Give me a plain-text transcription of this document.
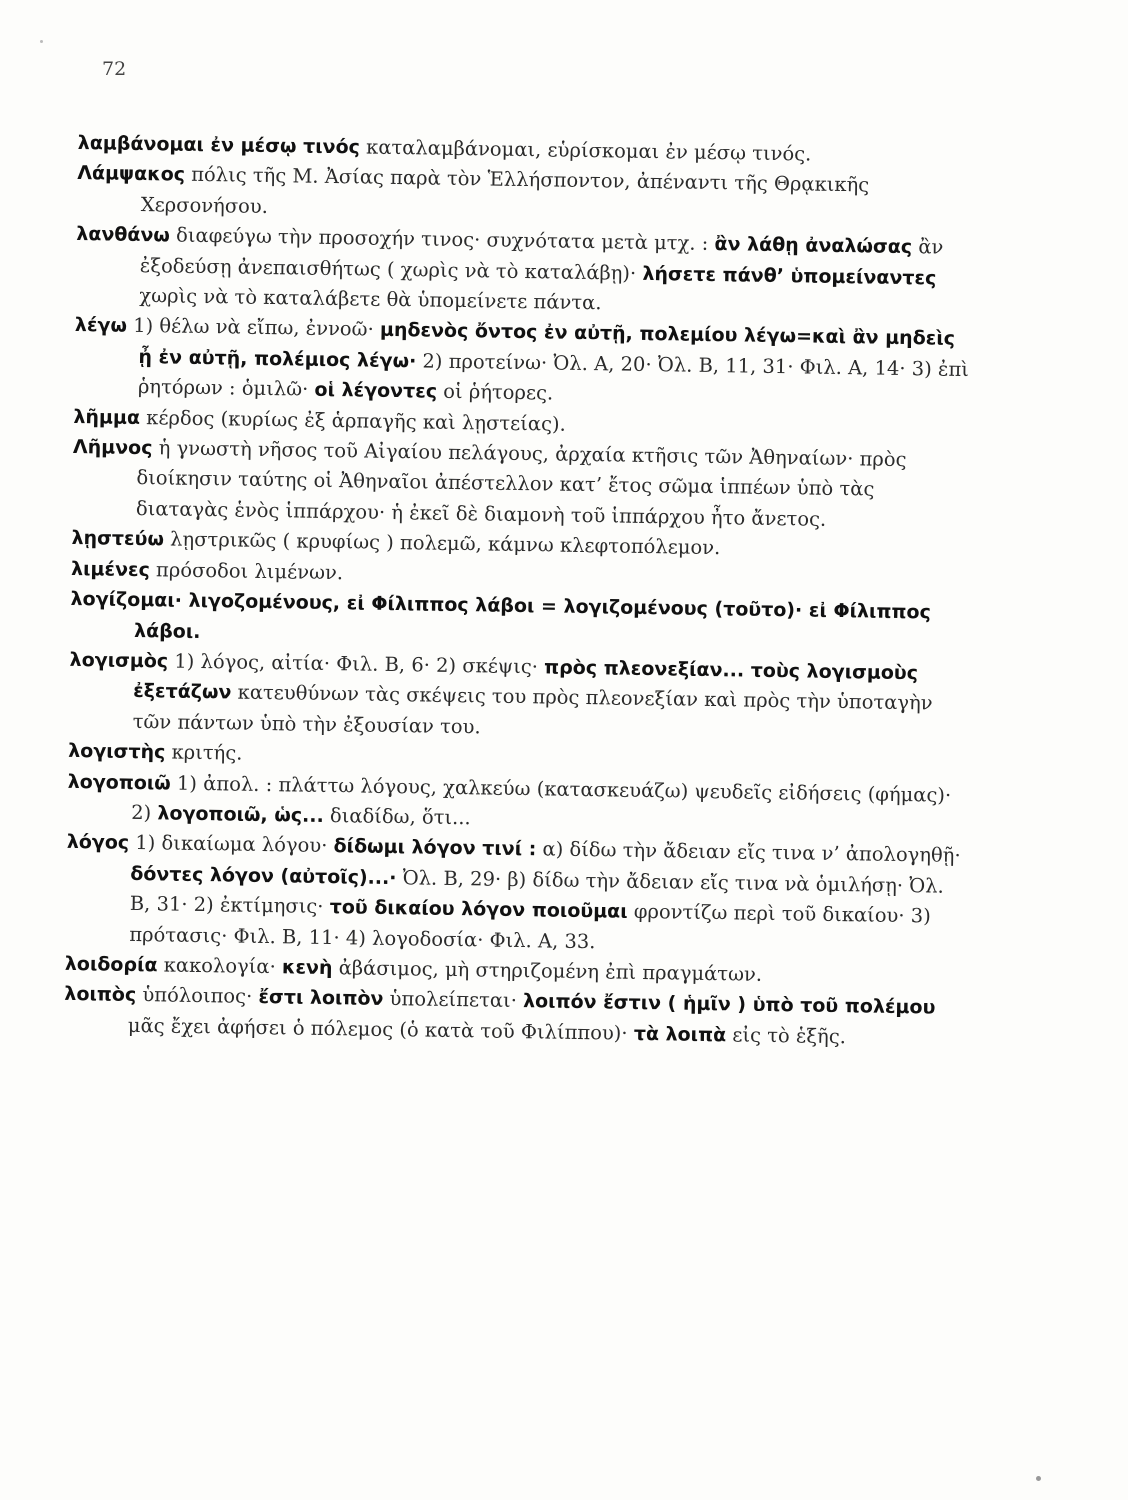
72

λαμβάνομαι ἐν μέσῳ τινός καταλαμβάνομαι, εὑρίσκομαι ἐν μέσῳ τινός.

Λάμψακος πόλις τῆς Μ. Ἀσίας παρὰ τὸν Ἑλλήσποντον, ἀπέναντι τῆς Θρᾳκικῆς Χερσονήσου.

λανθάνω διαφεύγω τὴν προσοχήν τινος· συχνότατα μετὰ μτχ. : ἂν λάθῃ ἀναλώσας ἂν ἐξοδεύσῃ ἀνεπαισθήτως ( χωρὶς νὰ τὸ καταλάβῃ)· λήσετε πάνθ’ ὑπομείναντες χωρὶς νὰ τὸ καταλάβετε θὰ ὑπομείνετε πάντα.

λέγω 1) θέλω νὰ εἴπω, ἐννοῶ· μηδενὸς ὄντος ἐν αὐτῇ, πολεμίου λέγω=καὶ ἂν μηδεὶς ᾖ ἐν αὐτῇ, πολέμιος λέγω· 2) προτείνω· Ὀλ. Α, 20· Ὀλ. Β, 11, 31· Φιλ. Α, 14· 3) ἐπὶ ῥητόρων : ὁμιλῶ· οἱ λέγοντες οἱ ῥήτορες.

λῆμμα κέρδος (κυρίως ἐξ ἁρπαγῆς καὶ λῃστείας).

Λῆμνος ἡ γνωστὴ νῆσος τοῦ Αἰγαίου πελάγους, ἀρχαία κτῆσις τῶν Ἀθηναίων· πρὸς διοίκησιν ταύτης οἱ Ἀθηναῖοι ἀπέστελλον κατ’ ἔτος σῶμα ἱππέων ὑπὸ τὰς διαταγὰς ἑνὸς ἱππάρχου· ἡ ἐκεῖ δὲ διαμονὴ τοῦ ἱππάρχου ἦτο ἄνετος.

λῃστεύω λῃστρικῶς ( κρυφίως ) πολεμῶ, κάμνω κλεφτοπόλεμον.

λιμένες πρόσοδοι λιμένων.

λογίζομαι· λιγοζομένους, εἰ Φίλιππος λάβοι = λογιζομένους (τοῦτο)· εἰ Φίλιππος λάβοι.

λογισμὸς 1) λόγος, αἰτία· Φιλ. Β, 6· 2) σκέψις· πρὸς πλεονεξίαν... τοὺς λογισμοὺς ἐξετάζων κατευθύνων τὰς σκέψεις του πρὸς πλεονεξίαν καὶ πρὸς τὴν ὑποταγὴν τῶν πάντων ὑπὸ τὴν ἐξουσίαν του.

λογιστὴς κριτής.

λογοποιῶ 1) ἀπολ. : πλάττω λόγους, χαλκεύω (κατασκευάζω) ψευδεῖς εἰδήσεις (φήμας)· 2) λογοποιῶ, ὡς... διαδίδω, ὅτι...

λόγος 1) δικαίωμα λόγου· δίδωμι λόγον τινί : α) δίδω τὴν ἄδειαν εἴς τινα ν’ ἀπολογηθῇ· δόντες λόγον (αὐτοῖς)...· Ὀλ. Β, 29· β) δίδω τὴν ἄδειαν εἴς τινα νὰ ὁμιλήσῃ· Ὀλ. Β, 31· 2) ἐκτίμησις· τοῦ δικαίου λόγον ποιοῦμαι φροντίζω περὶ τοῦ δικαίου· 3) πρότασις· Φιλ. Β, 11· 4) λογοδοσία· Φιλ. Α, 33.

λοιδορία κακολογία· κενὴ ἀβάσιμος, μὴ στηριζομένη ἐπὶ πραγμάτων.

λοιπὸς ὑπόλοιπος· ἔστι λοιπὸν ὑπολείπεται· λοιπόν ἔστιν ( ἡμῖν ) ὑπὸ τοῦ πολέμου μᾶς ἔχει ἀφήσει ὁ πόλεμος (ὁ κατὰ τοῦ Φιλίππου)· τὰ λοιπὰ εἰς τὸ ἑξῆς.
